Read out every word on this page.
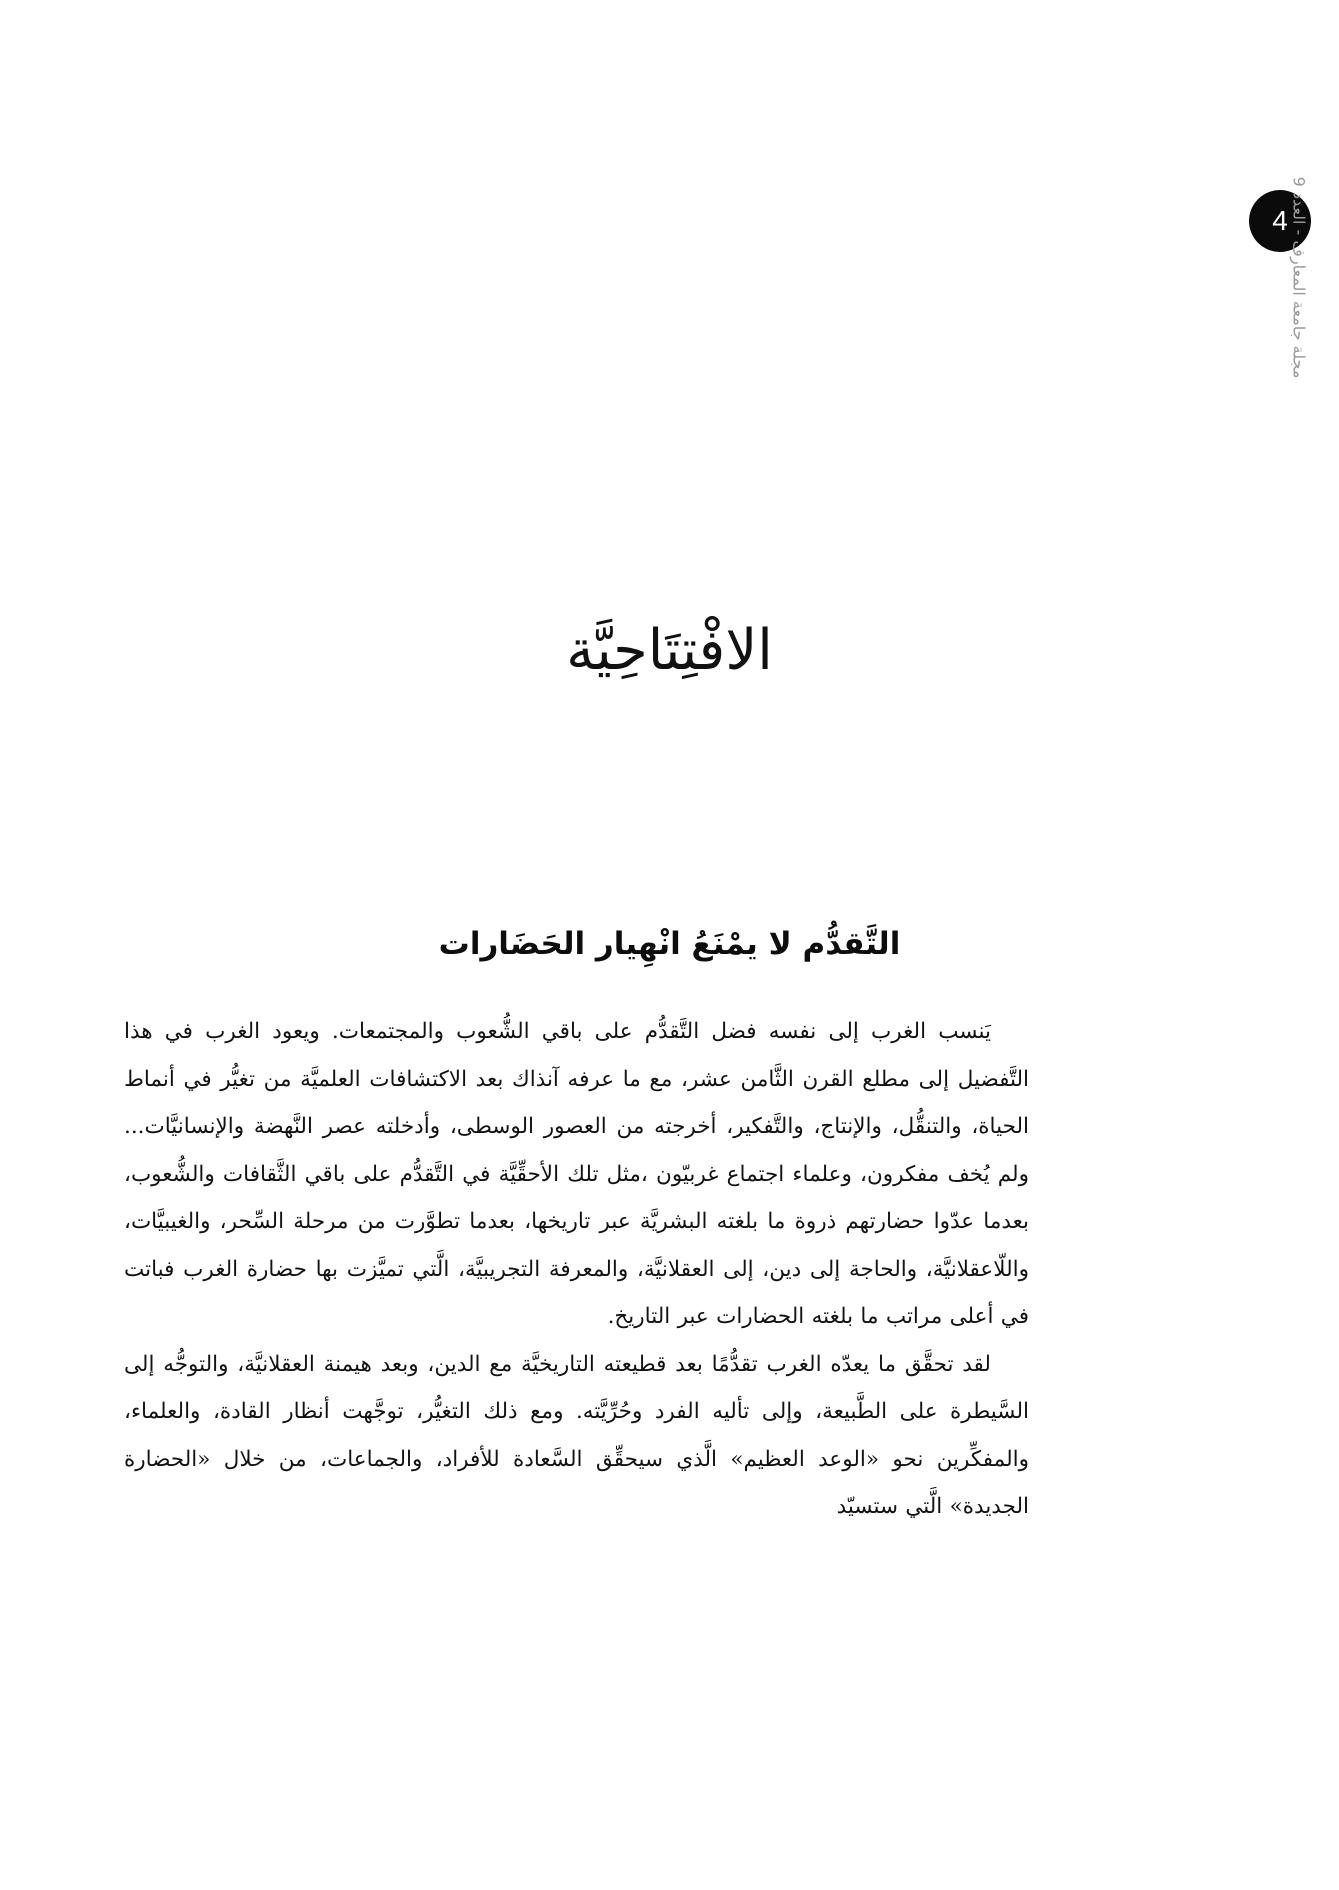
4
مجلة جامعة المعارف - العدد 9
الافْتِتَاحِيَّة
التَّقدُّم لا يمْنَعُ انْهِيار الحَضَارات

يَنسب الغرب إلى نفسه فضل التَّقدُّم على باقي الشُّعوب والمجتمعات. ويعود الغرب في هذا التَّفضيل إلى مطلع القرن الثَّامن عشر، مع ما عرفه آنذاك بعد الاكتشافات العلميَّة من تغيُّر في أنماط الحياة، والتنقُّل، والإنتاج، والتَّفكير، أخرجته من العصور الوسطى، وأدخلته عصر النَّهضة والإنسانيَّات... ولم يُخف مفكرون، وعلماء اجتماع غربيّون ،مثل تلك الأحقِّيَّة في التَّقدُّم على باقي الثَّقافات والشُّعوب، بعدما عدّوا حضارتهم ذروة ما بلغته البشريَّة عبر تاريخها، بعدما تطوَّرت من مرحلة السِّحر، والغيبيَّات، واللّاعقلانيَّة، والحاجة إلى دين، إلى العقلانيَّة، والمعرفة التجريبيَّة، الَّتي تميَّزت بها حضارة الغرب فباتت في أعلى مراتب ما بلغته الحضارات عبر التاريخ.

لقد تحقَّق ما يعدّه الغرب تقدُّمًا بعد قطيعته التاريخيَّة مع الدين، وبعد هيمنة العقلانيَّة، والتوجُّه إلى السَّيطرة على الطَّبيعة، وإلى تأليه الفرد وحُرِّيَّته. ومع ذلك التغيُّر، توجَّهت أنظار القادة، والعلماء، والمفكِّرين نحو «الوعد العظيم» الَّذي سيحقِّق السَّعادة للأفراد، والجماعات، من خلال «الحضارة الجديدة» الَّتي ستسيّد
